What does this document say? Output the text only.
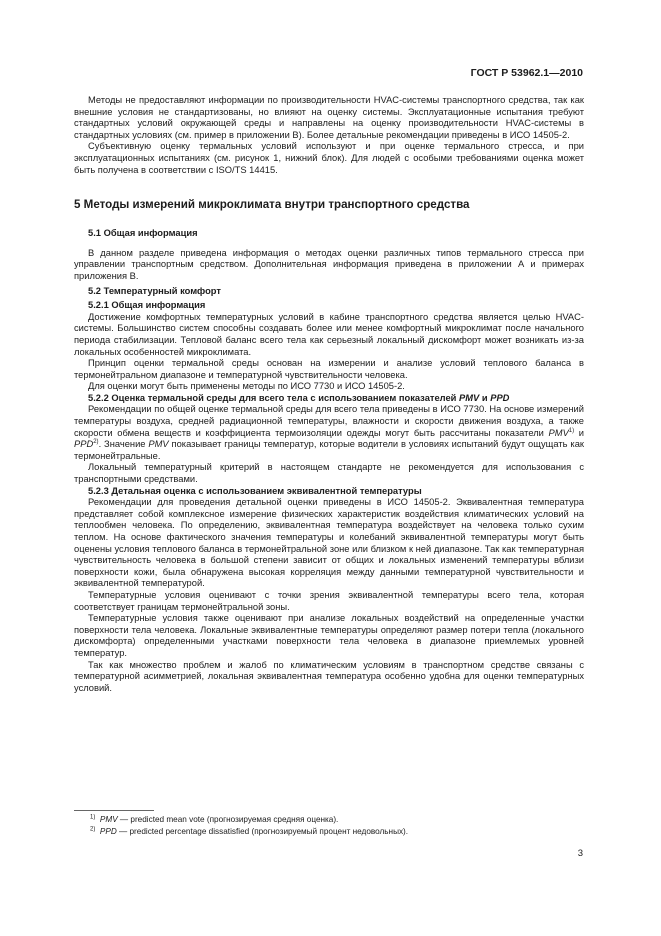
ГОСТ Р 53962.1—2010

Методы не предоставляют информации по производительности HVAC-системы транспортного средства, так как внешние условия не стандартизованы, но влияют на оценку системы. Эксплуатационные испытания требуют стандартных условий окружающей среды и направлены на оценку производительности HVAC-системы в стандартных условиях (см. пример в приложении В). Более детальные рекомендации приведены в ИСО 14505-2.

Субъективную оценку термальных условий используют и при оценке термального стресса, и при эксплуатационных испытаниях (см. рисунок 1, нижний блок). Для людей с особыми требованиями оценка может быть получена в соответствии с ISO/TS 14415.

5 Методы измерений микроклимата внутри транспортного средства
5.1 Общая информация

В данном разделе приведена информация о методах оценки различных типов термального стресса при управлении транспортным средством. Дополнительная информация приведена в приложении А и примерах приложения В.

5.2 Температурный комфорт
5.2.1 Общая информация

Достижение комфортных температурных условий в кабине транспортного средства является целью HVAC-системы. Большинство систем способны создавать более или менее комфортный микроклимат после начального периода стабилизации. Тепловой баланс всего тела как серьезный локальный дискомфорт может возникать из-за локальных особенностей микроклимата.

Принцип оценки термальной среды основан на измерении и анализе условий теплового баланса в термонейтральном диапазоне и температурной чувствительности человека.

Для оценки могут быть применены методы по ИСО 7730 и ИСО 14505-2.

5.2.2 Оценка термальной среды для всего тела с использованием показателей PMV и PPD

Рекомендации по общей оценке термальной среды для всего тела приведены в ИСО 7730. На основе измерений температуры воздуха, средней радиационной температуры, влажности и скорости движения воздуха, а также скорости обмена веществ и коэффициента термоизоляции одежды могут быть рассчитаны показатели PMV$^{1)}$ и PPD$^{2)}$. Значение PMV показывает границы температур, которые водители в условиях испытаний будут ощущать как термонейтральные.

Локальный температурный критерий в настоящем стандарте не рекомендуется для использования с транспортными средствами.

5.2.3 Детальная оценка с использованием эквивалентной температуры

Рекомендации для проведения детальной оценки приведены в ИСО 14505-2. Эквивалентная температура представляет собой комплексное измерение физических характеристик воздействия климатических условий на теплообмен человека. По определению, эквивалентная температура воздействует на человека только сухим теплом. На основе фактического значения температуры и колебаний эквивалентной температуры могут быть оценены условия теплового баланса в термонейтральной зоне или близком к ней диапазоне. Так как температурная чувствительность человека в большой степени зависит от общих и локальных изменений температуры вблизи поверхности кожи, была обнаружена высокая корреляция между данными температурной чувствительности и эквивалентной температурой.

Температурные условия оценивают с точки зрения эквивалентной температуры всего тела, которая соответствует границам термонейтральной зоны.

Температурные условия также оценивают при анализе локальных воздействий на определенные участки поверхности тела человека. Локальные эквивалентные температуры определяют размер потери тепла (локального дискомфорта) определенными участками поверхности тела человека в диапазоне приемлемых уровней температур.

Так как множество проблем и жалоб по климатическим условиям в транспортном средстве связаны с температурной асимметрией, локальная эквивалентная температура особенно удобна для оценки температурных условий.

$^{1)}$ PMV — predicted mean vote (прогнозируемая средняя оценка).

$^{2)}$ PPD — predicted percentage dissatisfied (прогнозируемый процент недовольных).

3
